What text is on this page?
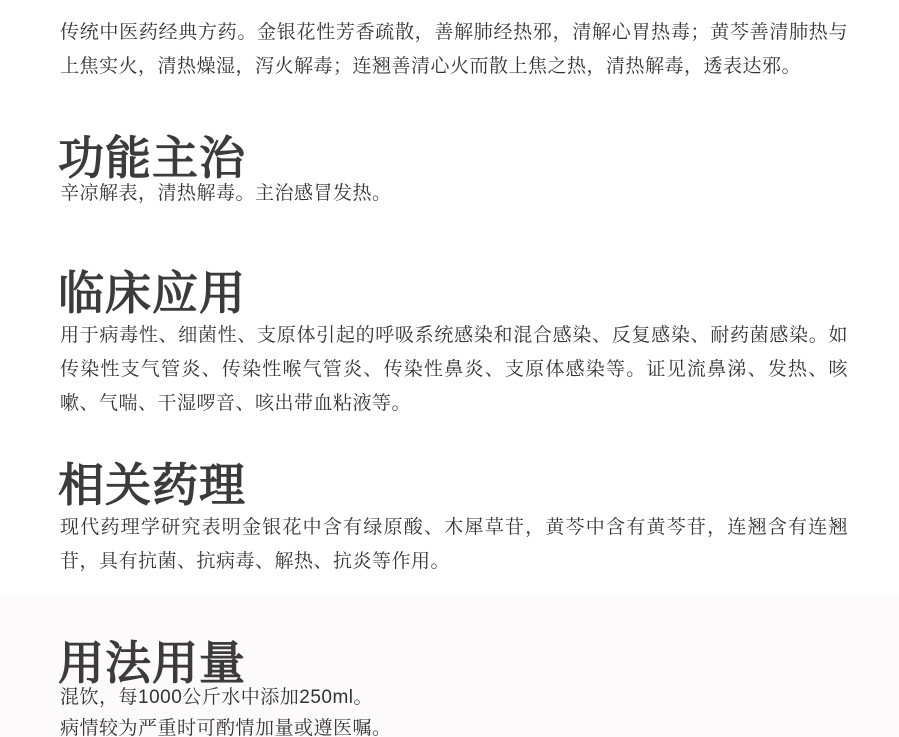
传统中医药经典方药。金银花性芳香疏散，善解肺经热邪，清解心胃热毒；黄芩善清肺热与上焦实火，清热燥湿，泻火解毒；连翘善清心火而散上焦之热，清热解毒，透表达邪。

功能主治

辛凉解表，清热解毒。主治感冒发热。

临床应用

用于病毒性、细菌性、支原体引起的呼吸系统感染和混合感染、反复感染、耐药菌感染。如传染性支气管炎、传染性喉气管炎、传染性鼻炎、支原体感染等。证见流鼻涕、发热、咳嗽、气喘、干湿啰音、咳出带血粘液等。

相关药理

现代药理学研究表明金银花中含有绿原酸、木犀草苷，黄芩中含有黄芩苷，连翘含有连翘苷，具有抗菌、抗病毒、解热、抗炎等作用。

用法用量

混饮，每1000公斤水中添加250ml。
病情较为严重时可酌情加量或遵医嘱。
